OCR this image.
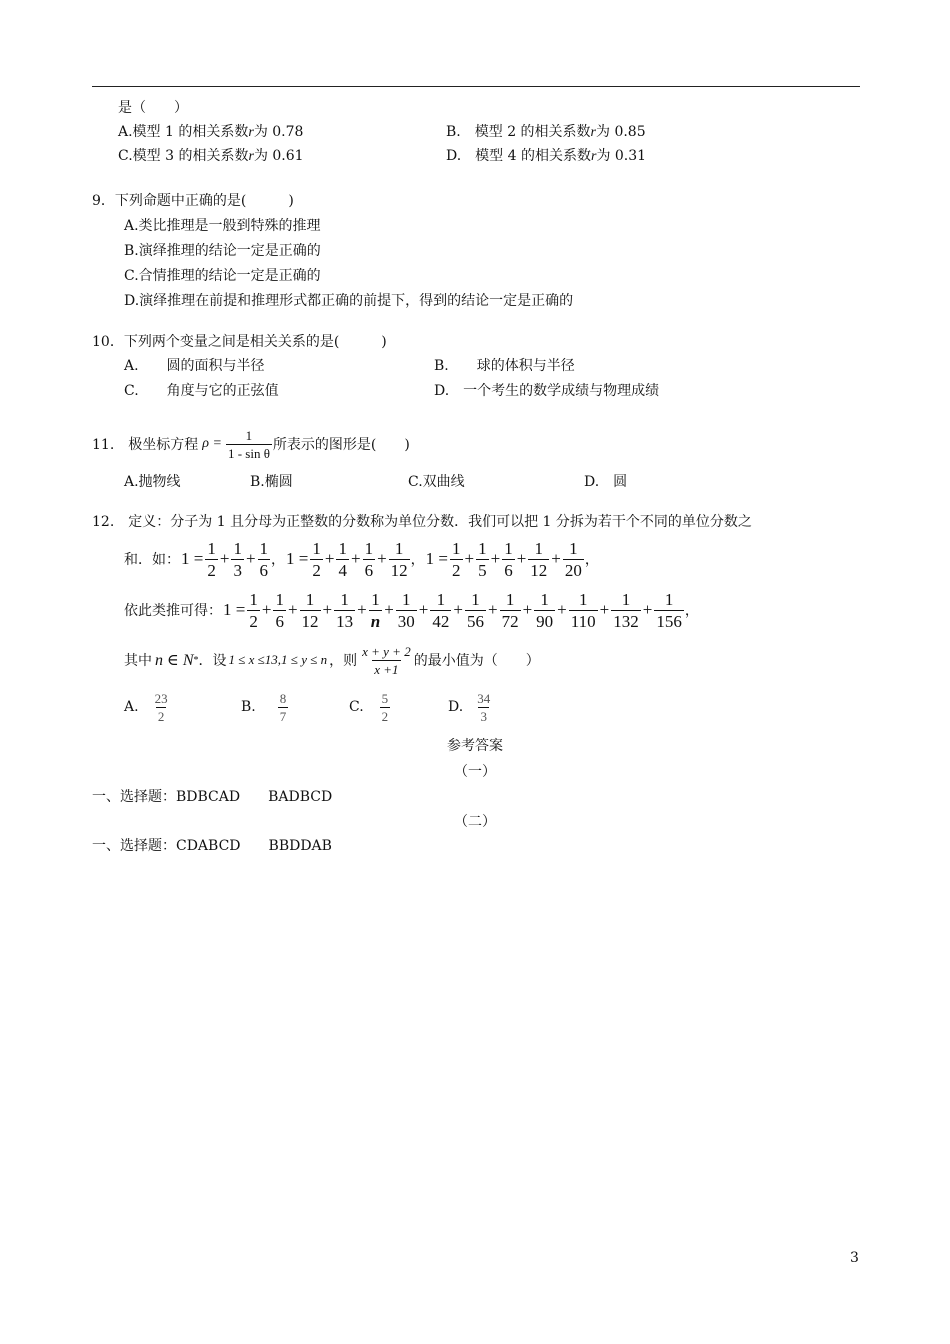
是（　　）
A.模型 1 的相关系数r为 0.78	B.　模型 2 的相关系数r为 0.85
C.模型 3 的相关系数r为 0.61	D.　模型 4 的相关系数r为 0.31
9．下列命题中正确的是(　　　)
A.类比推理是一般到特殊的推理
B.演绎推理的结论一定是正确的
C.合情推理的结论一定是正确的
D.演绎推理在前提和推理形式都正确的前提下，得到的结论一定是正确的
10．下列两个变量之间是相关关系的是(　　　)
A.　　圆的面积与半径	B.　　球的体积与半径
C.　　角度与它的正弦值	D.　一个考生的数学成绩与物理成绩
11.　极坐标方程 $\rho = \frac{1}{\text{1 - sin θ}}$ 所表示的图形是(　　)
A.抛物线	B.椭圆	C.双曲线	D.　圆
12.　定义：分子为 1 且分母为正整数的分数称为单位分数．我们可以把 1 分拆为若干个不同的单位分数之
和．如： $1 = \frac{1}{2} + \frac{1}{3} + \frac{1}{6}$ ， $1 = \frac{1}{2} + \frac{1}{4} + \frac{1}{6} + \frac{1}{12}$ ， $1 = \frac{1}{2} + \frac{1}{5} + \frac{1}{6} + \frac{1}{12} + \frac{1}{20}$ ，
依此类推可得： $1 = \frac{1}{2} + \frac{1}{6} + \frac{1}{12} + \frac{1}{13} + \frac{1}{n} + \frac{1}{30} + \frac{1}{42} + \frac{1}{56} + \frac{1}{72} + \frac{1}{90} + \frac{1}{110} + \frac{1}{132} + \frac{1}{156}$ ，
其中 n ∈ N * ．设 1 ≤ x ≤13,1 ≤ y ≤ n ，则 $\frac{x + y + 2}{x +1}$ 的最小值为（　　）
A. $\frac{23}{2}$	B. $\frac{8}{7}$	C. $\frac{5}{2}$	D. $\frac{34}{3}$
参考答案
（一）
一、选择题：BDBCAD　　BADBCD
（二）
一、选择题：CDABCD　　BBDDAB
3
